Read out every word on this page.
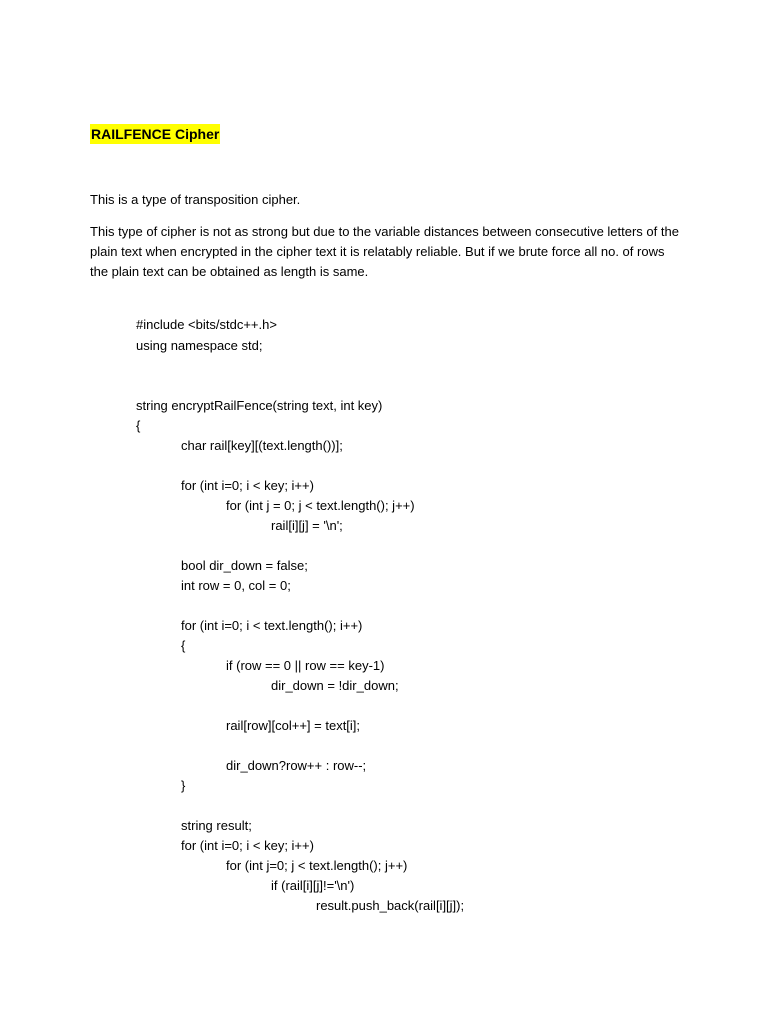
RAILFENCE Cipher

This is a type of transposition cipher.

This type of cipher is not as strong but due to the variable distances between consecutive letters of the
plain text when encrypted in the cipher text it is relatably reliable. But if we brute force all no. of rows
the plain text can be obtained as length is same.

#include <bits/stdc++.h>
using namespace std;
string encryptRailFence(string text, int key)
{
char rail[key][(text.length())];
for (int i=0; i < key; i++)
for (int j = 0; j < text.length(); j++)
rail[i][j] = '\n';
bool dir_down = false;
int row = 0, col = 0;
for (int i=0; i < text.length(); i++)
{
if (row == 0 || row == key-1)
dir_down = !dir_down;
rail[row][col++] = text[i];
dir_down?row++ : row--;
}
string result;
for (int i=0; i < key; i++)
for (int j=0; j < text.length(); j++)
if (rail[i][j]!='\n')
result.push_back(rail[i][j]);
